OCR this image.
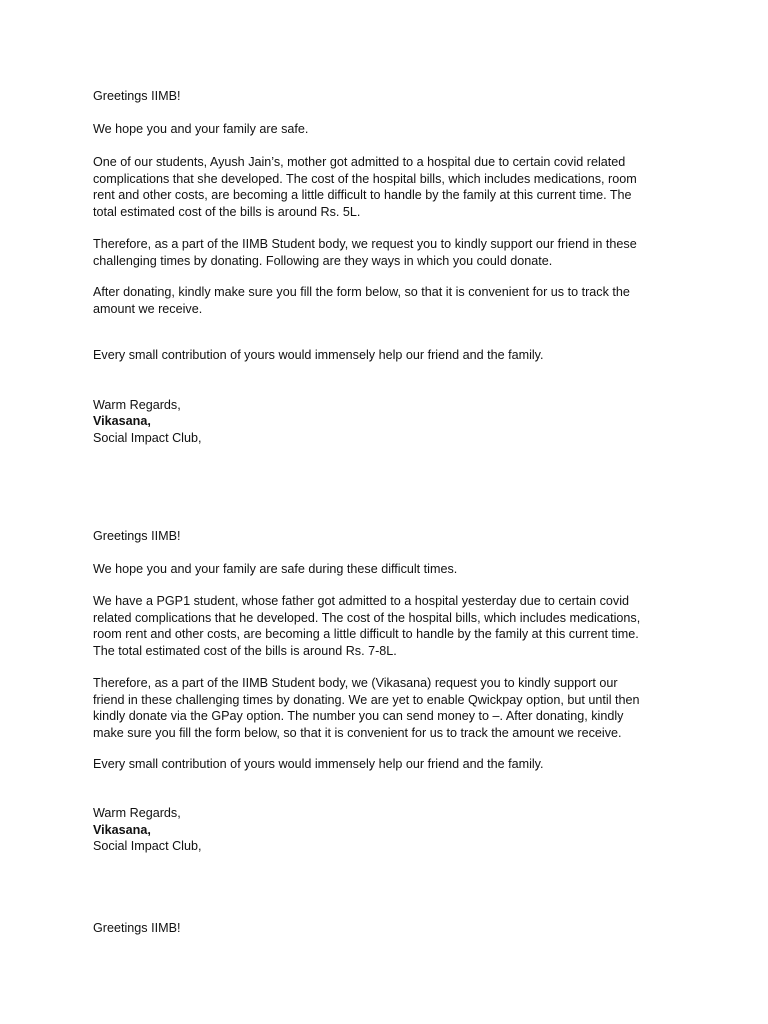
Greetings IIMB!

We hope you and your family are safe.

One of our students, Ayush Jain’s, mother got admitted to a hospital due to certain covid related
complications that she developed. The cost of the hospital bills, which includes medications, room
rent and other costs, are becoming a little difficult to handle by the family at this current time. The
total estimated cost of the bills is around Rs. 5L.

Therefore, as a part of the IIMB Student body, we request you to kindly support our friend in these
challenging times by donating. Following are they ways in which you could donate.

After donating, kindly make sure you fill the form below, so that it is convenient for us to track the
amount we receive.

Every small contribution of yours would immensely help our friend and the family.

Warm Regards,

Vikasana,

Social Impact Club,

Greetings IIMB!

We hope you and your family are safe during these difficult times.

We have a PGP1 student, whose father got admitted to a hospital yesterday due to certain covid
related complications that he developed. The cost of the hospital bills, which includes medications,
room rent and other costs, are becoming a little difficult to handle by the family at this current time.
The total estimated cost of the bills is around Rs. 7-8L.

Therefore, as a part of the IIMB Student body, we (Vikasana) request you to kindly support our
friend in these challenging times by donating. We are yet to enable Qwickpay option, but until then
kindly donate via the GPay option. The number you can send money to –. After donating, kindly
make sure you fill the form below, so that it is convenient for us to track the amount we receive.

Every small contribution of yours would immensely help our friend and the family.

Warm Regards,

Vikasana,

Social Impact Club,

Greetings IIMB!
